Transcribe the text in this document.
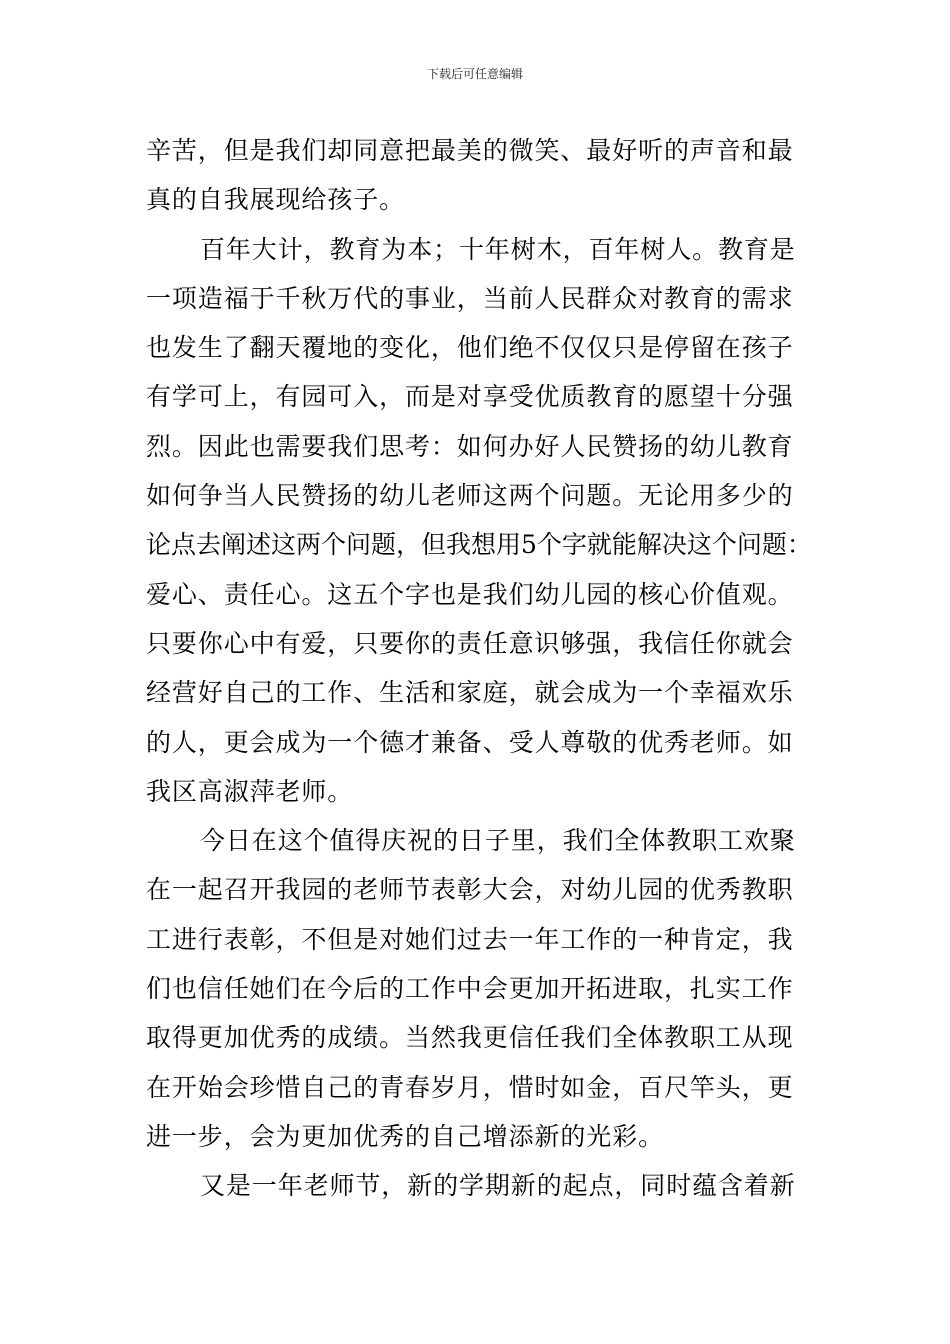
下载后可任意编辑
辛苦，但是我们却同意把最美的微笑、最好听的声音和最
真的自我展现给孩子。
百年大计，教育为本；十年树木，百年树人。教育是
一项造福于千秋万代的事业，当前人民群众对教育的需求
也发生了翻天覆地的变化，他们绝不仅仅只是停留在孩子
有学可上，有园可入，而是对享受优质教育的愿望十分强
烈。因此也需要我们思考：如何办好人民赞扬的幼儿教育
如何争当人民赞扬的幼儿老师这两个问题。无论用多少的
论点去阐述这两个问题，但我想用5个字就能解决这个问题：
爱心、责任心。这五个字也是我们幼儿园的核心价值观。
只要你心中有爱，只要你的责任意识够强，我信任你就会
经营好自己的工作、生活和家庭，就会成为一个幸福欢乐
的人，更会成为一个德才兼备、受人尊敬的优秀老师。如
我区高淑萍老师。
今日在这个值得庆祝的日子里，我们全体教职工欢聚
在一起召开我园的老师节表彰大会，对幼儿园的优秀教职
工进行表彰，不但是对她们过去一年工作的一种肯定，我
们也信任她们在今后的工作中会更加开拓进取，扎实工作
取得更加优秀的成绩。当然我更信任我们全体教职工从现
在开始会珍惜自己的青春岁月，惜时如金，百尺竿头，更
进一步，会为更加优秀的自己增添新的光彩。
又是一年老师节，新的学期新的起点，同时蕴含着新
